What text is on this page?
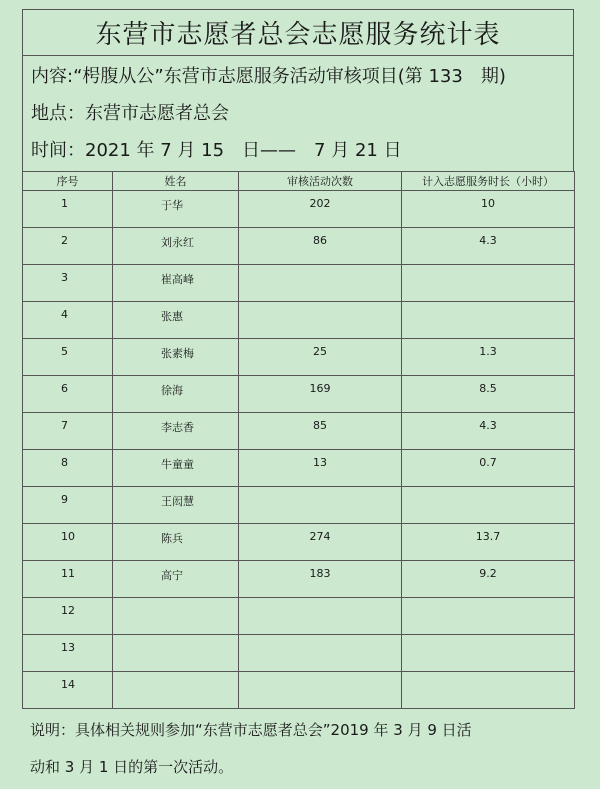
东营市志愿者总会志愿服务统计表
内容:“枵腹从公”东营市志愿服务活动审核项目(第 133　期)
地点：东营市志愿者总会
时间：2021 年 7 月 15　日——　7 月 21 日
序号	姓名	审核活动次数	计入志愿服务时长（小时）

1	于华	202	10

2	刘永红	86	4.3

3	崔高峰		

4	张惠		

5	张素梅	25	1.3

6	徐海	169	8.5

7	李志香	85	4.3

8	牛童童	13	0.7

9	王闳慧		

10	陈兵	274	13.7

11	高宁	183	9.2

12			

13			

14			

说明：具体相关规则参加“东营市志愿者总会”2019 年 3 月 9 日活
动和 3 月 1 日的第一次活动。
